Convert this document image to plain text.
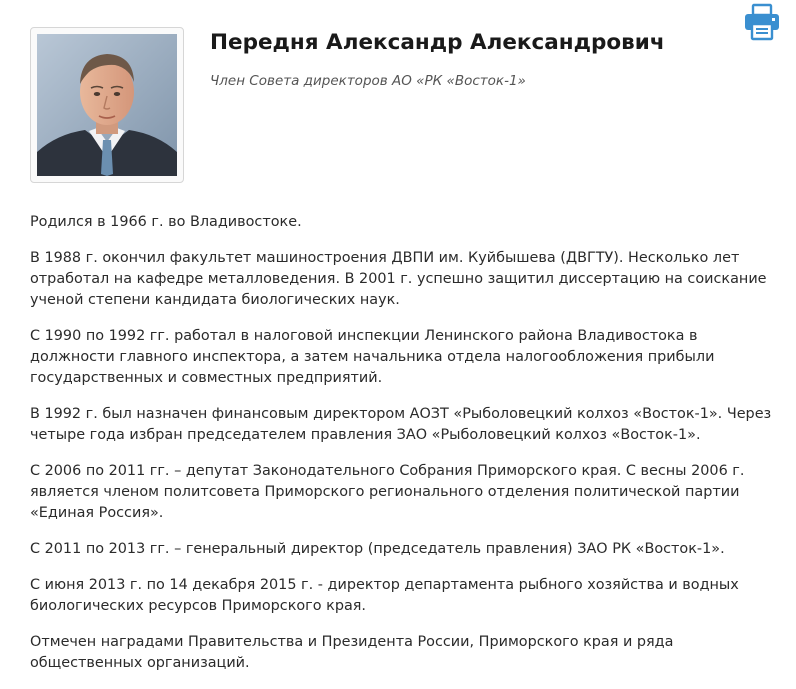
Передня Александр Александрович

Член Совета директоров АО «РК «Восток-1»

Родился в 1966 г. во Владивостоке.

В 1988 г. окончил факультет машиностроения ДВПИ им. Куйбышева (ДВГТУ). Несколько лет отработал на кафедре металловедения. В 2001 г. успешно защитил диссертацию на соискание ученой степени кандидата биологических наук.

С 1990 по 1992 гг. работал в налоговой инспекции Ленинского района Владивостока в должности главного инспектора, а затем начальника отдела налогообложения прибыли государственных и совместных предприятий.

В 1992 г. был назначен финансовым директором АОЗТ «Рыболовецкий колхоз «Восток-1». Через четыре года избран председателем правления ЗАО «Рыболовецкий колхоз «Восток-1».

С 2006 по 2011 гг. – депутат Законодательного Собрания Приморского края. С весны 2006 г. является членом политсовета Приморского регионального отделения политической партии «Единая Россия».

С 2011 по 2013 гг. – генеральный директор (председатель правления) ЗАО РК «Восток-1».

С июня 2013 г. по 14 декабря 2015 г. - директор департамента рыбного хозяйства и водных биологических ресурсов Приморского края.

Отмечен наградами Правительства и Президента России, Приморского края и ряда общественных организаций.
